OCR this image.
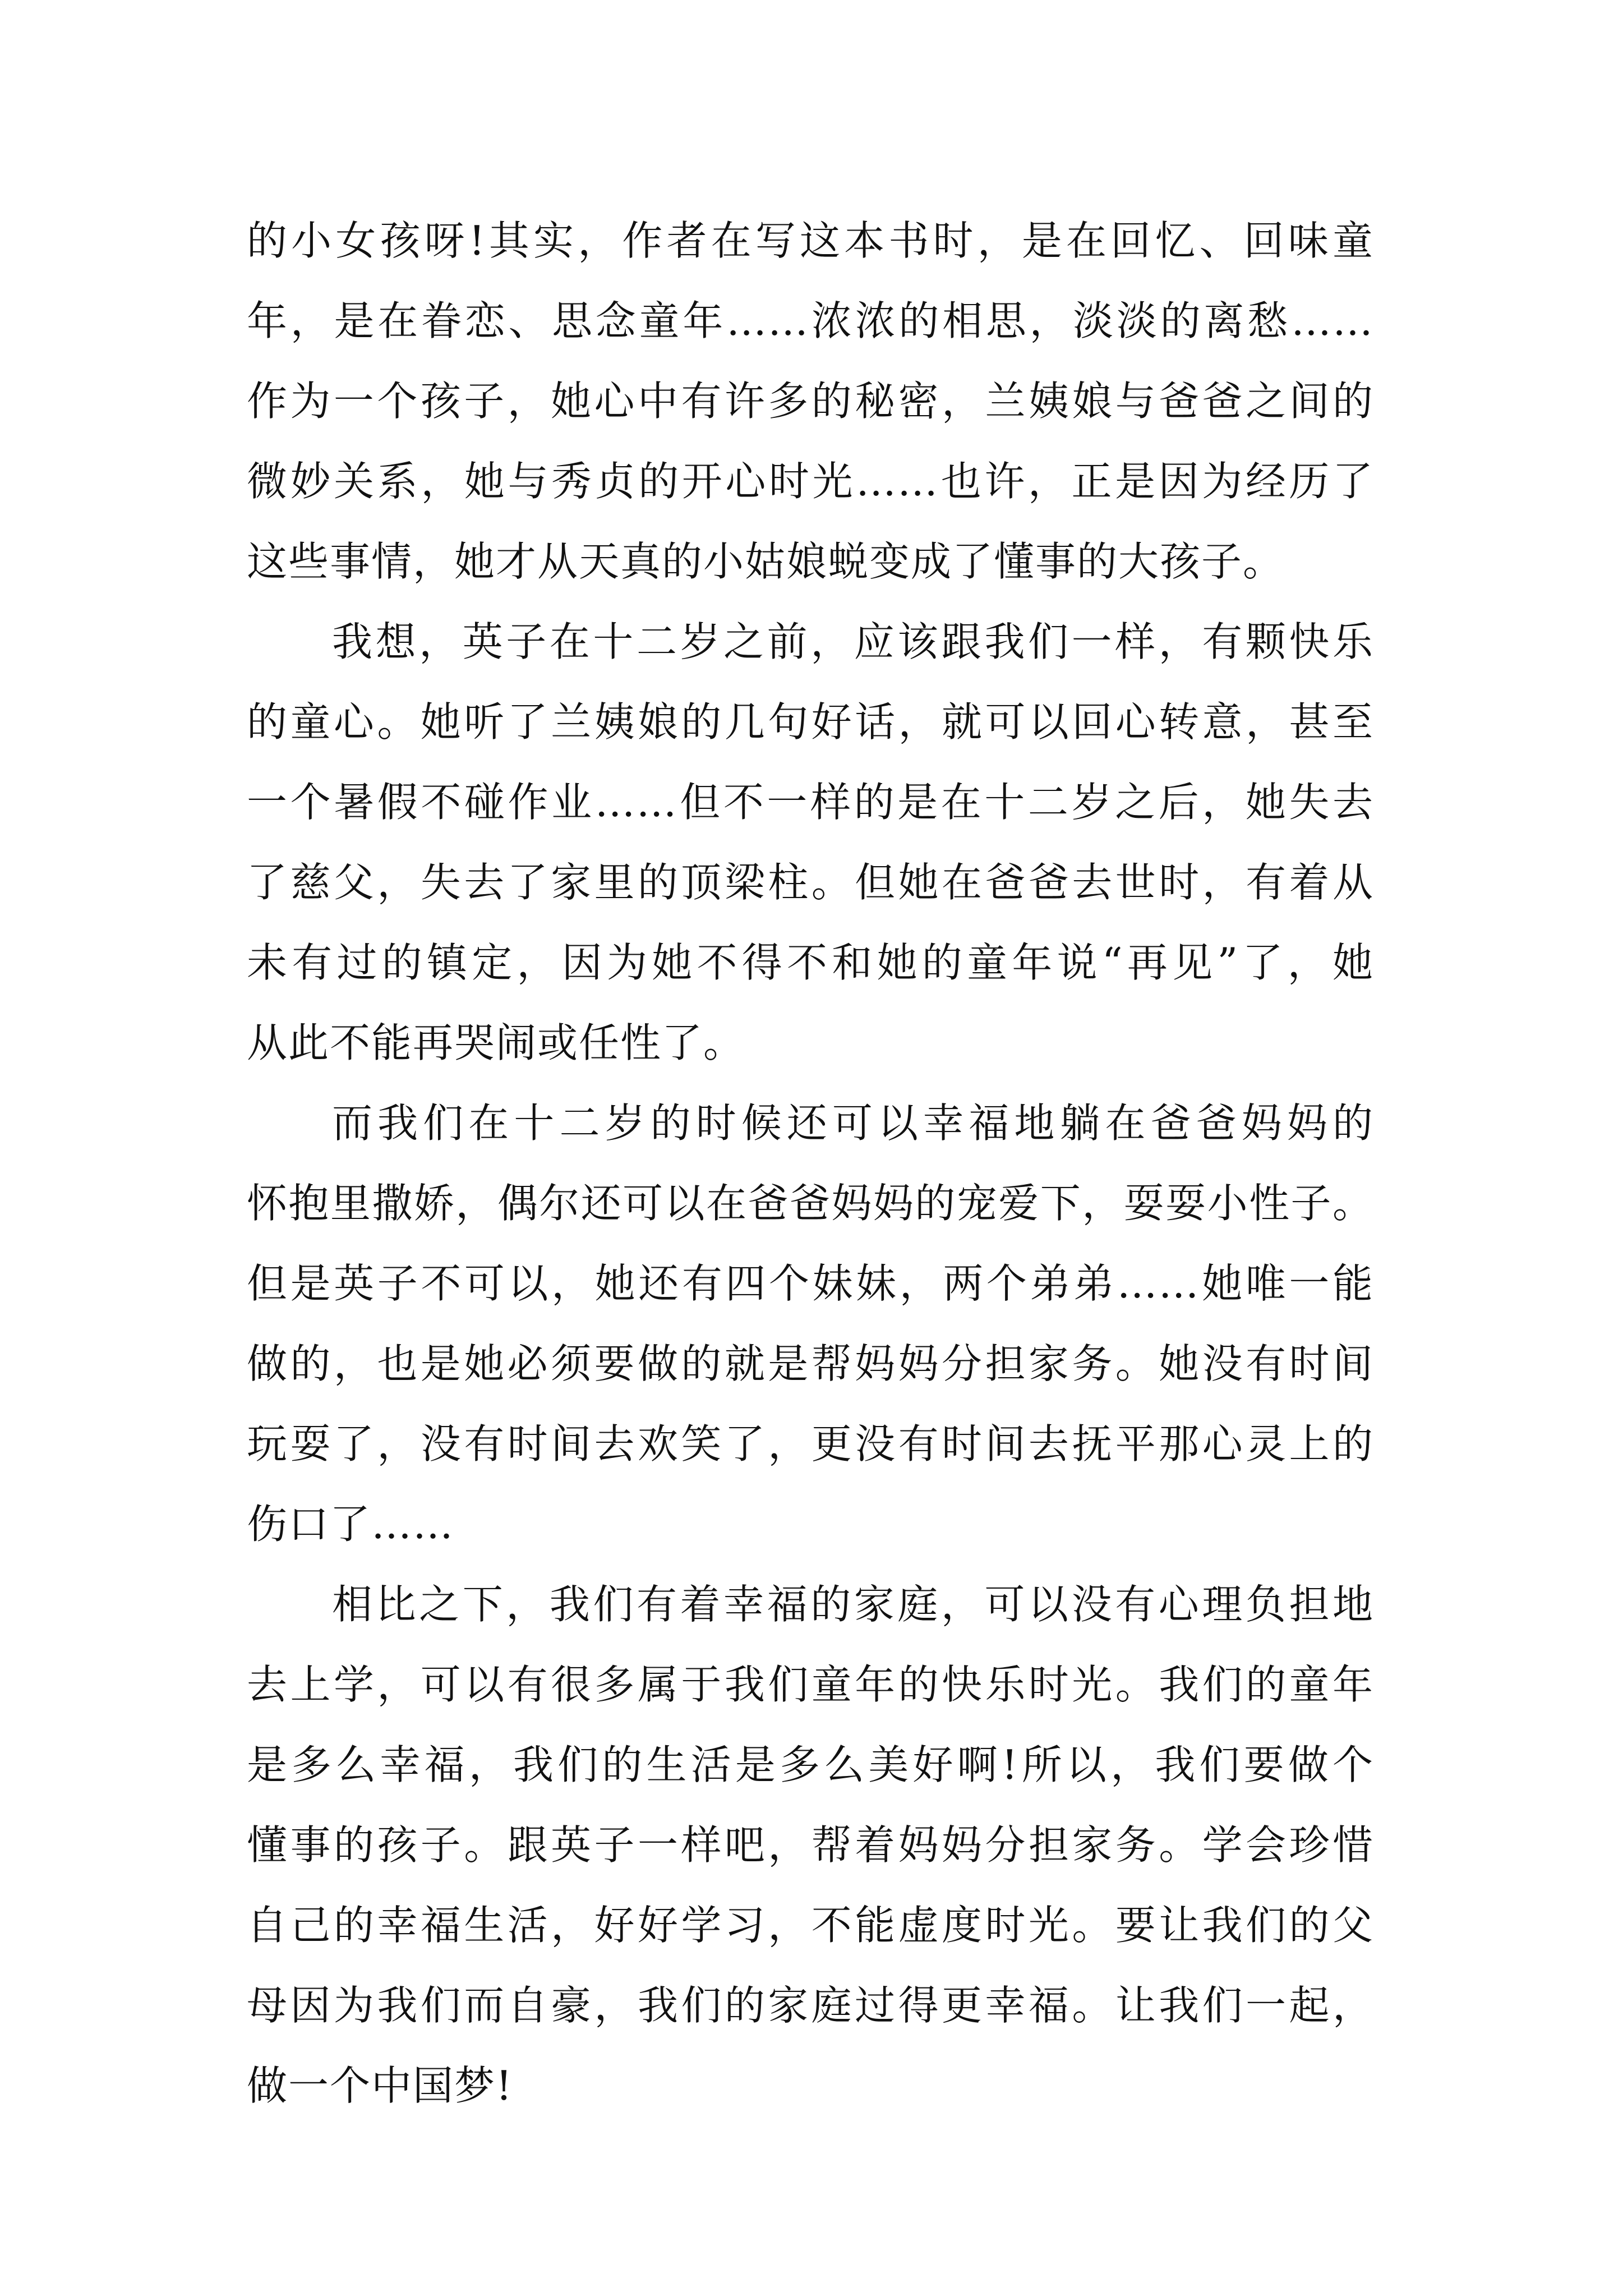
的小女孩呀!其实，作者在写这本书时，是在回忆、回味童
年，是在眷恋、思念童年……浓浓的相思，淡淡的离愁……
作为一个孩子，她心中有许多的秘密，兰姨娘与爸爸之间的
微妙关系，她与秀贞的开心时光……也许，正是因为经历了
这些事情，她才从天真的小姑娘蜕变成了懂事的大孩子。
我想，英子在十二岁之前，应该跟我们一样，有颗快乐
的童心。她听了兰姨娘的几句好话，就可以回心转意，甚至
一个暑假不碰作业……但不一样的是在十二岁之后，她失去
了慈父，失去了家里的顶梁柱。但她在爸爸去世时，有着从
未有过的镇定，因为她不得不和她的童年说“再见”了，她
从此不能再哭闹或任性了。
而我们在十二岁的时候还可以幸福地躺在爸爸妈妈的
怀抱里撒娇，偶尔还可以在爸爸妈妈的宠爱下，耍耍小性子。
但是英子不可以，她还有四个妹妹，两个弟弟……她唯一能
做的，也是她必须要做的就是帮妈妈分担家务。她没有时间
玩耍了，没有时间去欢笑了，更没有时间去抚平那心灵上的
伤口了……
相比之下，我们有着幸福的家庭，可以没有心理负担地
去上学，可以有很多属于我们童年的快乐时光。我们的童年
是多么幸福，我们的生活是多么美好啊!所以，我们要做个
懂事的孩子。跟英子一样吧，帮着妈妈分担家务。学会珍惜
自己的幸福生活，好好学习，不能虚度时光。要让我们的父
母因为我们而自豪，我们的家庭过得更幸福。让我们一起，
做一个中国梦!
